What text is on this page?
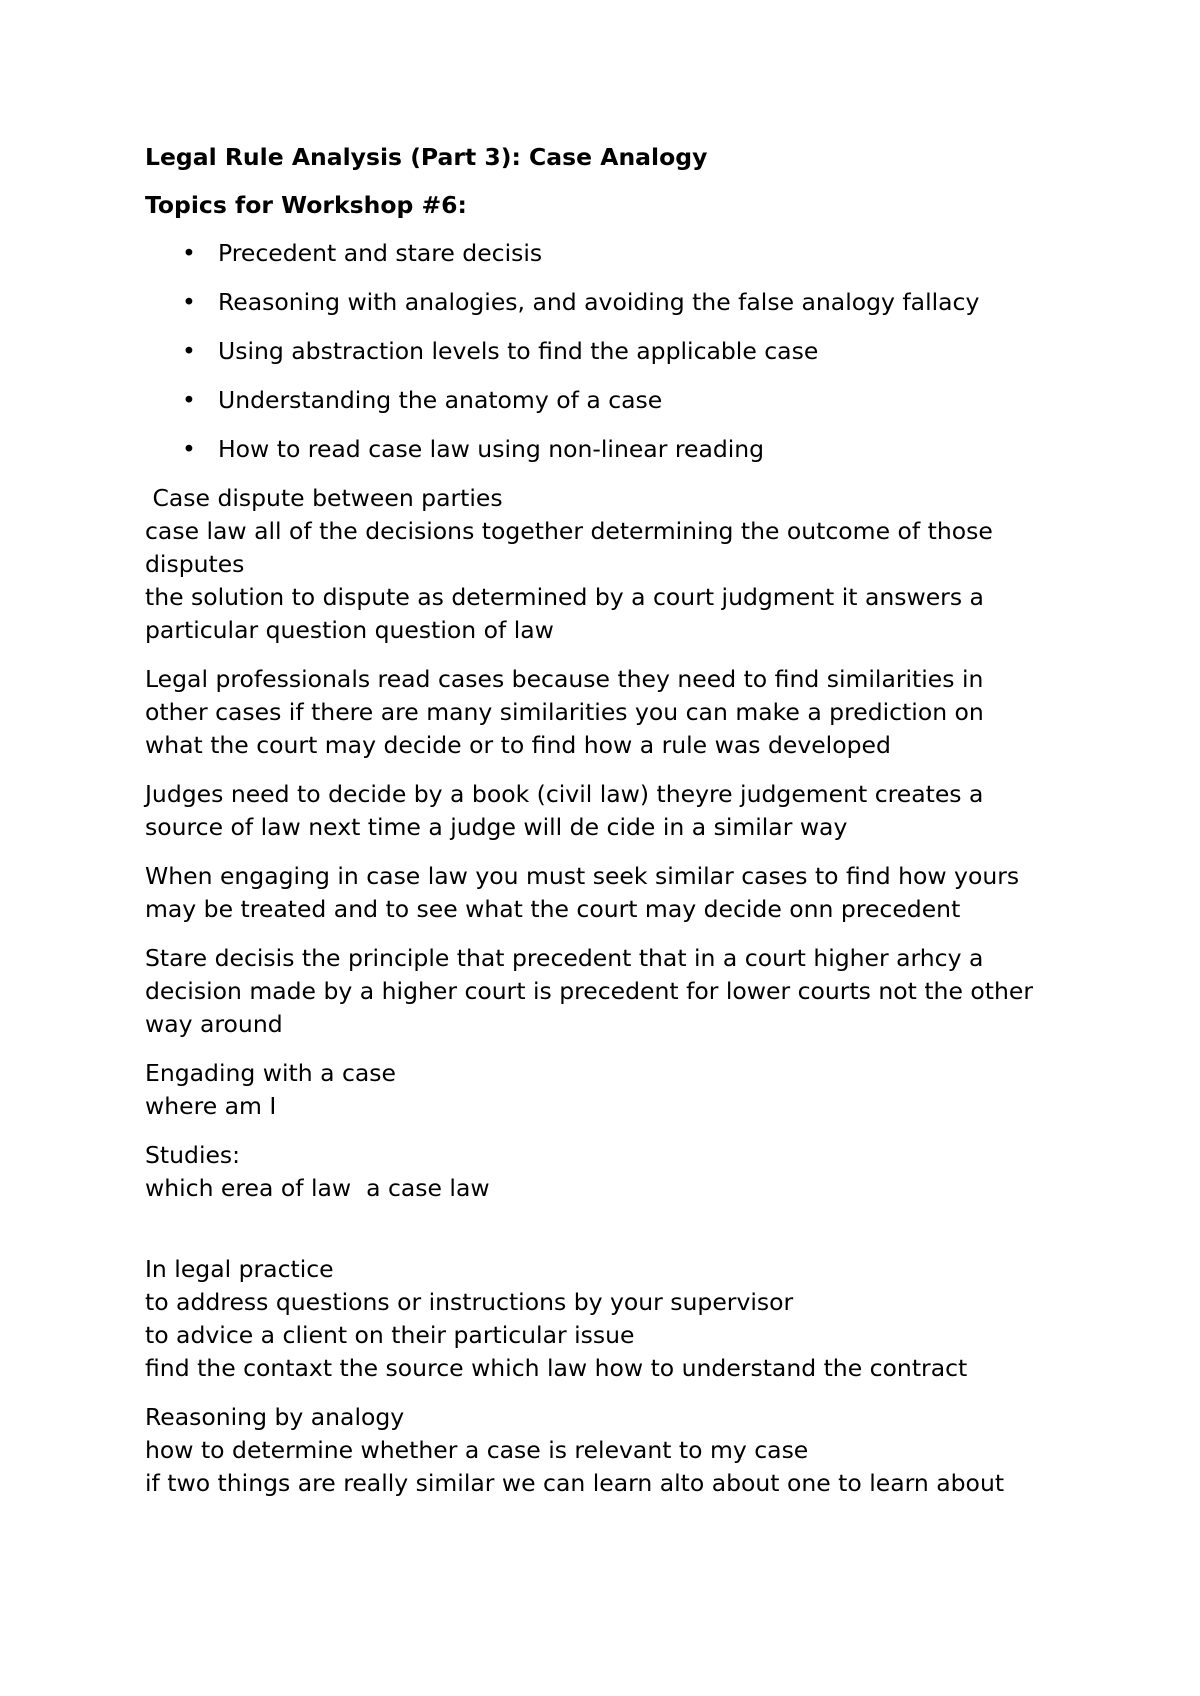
Legal Rule Analysis (Part 3): Case Analogy

Topics for Workshop #6:

• Precedent and stare decisis
• Reasoning with analogies, and avoiding the false analogy fallacy
• Using abstraction levels to find the applicable case
• Understanding the anatomy of a case
• How to read case law using non-linear reading
Case dispute between parties
case law all of the decisions together determining the outcome of those
disputes
the solution to dispute as determined by a court judgment it answers a
particular question question of law
Legal professionals read cases because they need to find similarities in
other cases if there are many similarities you can make a prediction on
what the court may decide or to find how a rule was developed
Judges need to decide by a book (civil law) theyre judgement creates a
source of law next time a judge will de cide in a similar way
When engaging in case law you must seek similar cases to find how yours
may be treated and to see what the court may decide onn precedent
Stare decisis the principle that precedent that in a court higher arhcy a
decision made by a higher court is precedent for lower courts not the other
way around
Engading with a case
where am I
Studies:
which erea of law  a case law
In legal practice
to address questions or instructions by your supervisor
to advice a client on their particular issue
find the contaxt the source which law how to understand the contract
Reasoning by analogy
how to determine whether a case is relevant to my case
if two things are really similar we can learn alto about one to learn about
